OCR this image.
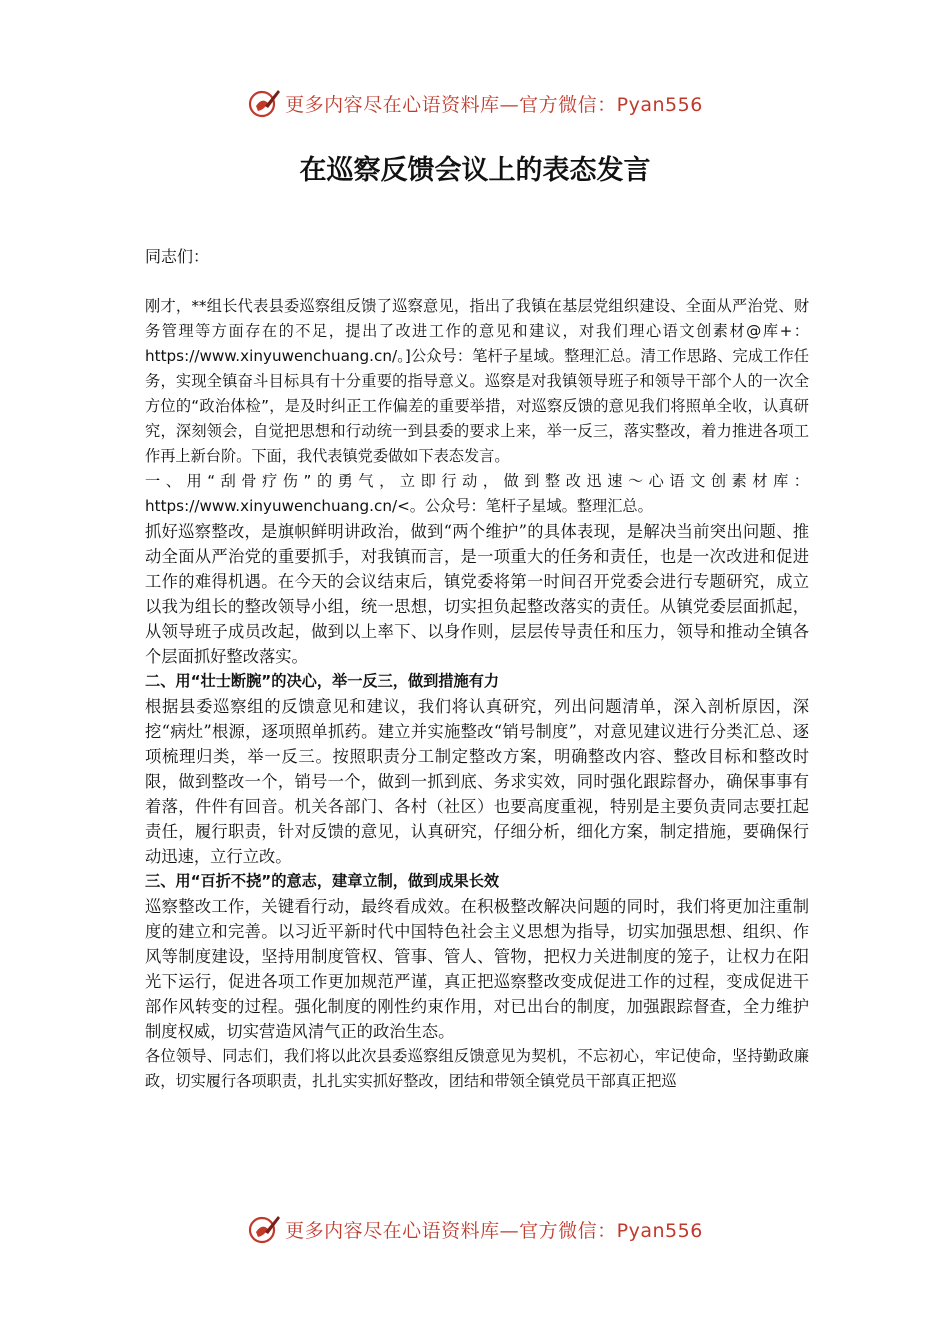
更多内容尽在心语资料库—官方微信：Pyan556
在巡察反馈会议上的表态发言
同志们：

刚才，**组长代表县委巡察组反馈了巡察意见，指出了我镇在基层党组织建设、全面从严治党、财务管理等方面存在的不足，提出了改进工作的意见和建议，对我们理心语文创素材@库+：https://www.xinyuwenchuang.cn/。]公众号：笔杆子星域。整理汇总。清工作思路、完成工作任务，实现全镇奋斗目标具有十分重要的指导意义。巡察是对我镇领导班子和领导干部个人的一次全方位的“政治体检”，是及时纠正工作偏差的重要举措，对巡察反馈的意见我们将照单全收，认真研究，深刻领会，自觉把思想和行动统一到县委的要求上来，举一反三，落实整改，着力推进各项工作再上新台阶。下面，我代表镇党委做如下表态发言。

一、用“刮骨疗伤”的勇气，立即行动，做到整改迅速～心语文创素材库：https://www.xinyuwenchuang.cn/<。公众号：笔杆子星域。整理汇总。

抓好巡察整改，是旗帜鲜明讲政治，做到“两个维护”的具体表现，是解决当前突出问题、推动全面从严治党的重要抓手，对我镇而言，是一项重大的任务和责任，也是一次改进和促进工作的难得机遇。在今天的会议结束后，镇党委将第一时间召开党委会进行专题研究，成立以我为组长的整改领导小组，统一思想，切实担负起整改落实的责任。从镇党委层面抓起，从领导班子成员改起，做到以上率下、以身作则，层层传导责任和压力，领导和推动全镇各个层面抓好整改落实。

二、用“壮士断腕”的决心，举一反三，做到措施有力

根据县委巡察组的反馈意见和建议，我们将认真研究，列出问题清单，深入剖析原因，深挖“病灶”根源，逐项照单抓药。建立并实施整改“销号制度”，对意见建议进行分类汇总、逐项梳理归类，举一反三。按照职责分工制定整改方案，明确整改内容、整改目标和整改时限，做到整改一个，销号一个，做到一抓到底、务求实效，同时强化跟踪督办，确保事事有着落，件件有回音。机关各部门、各村（社区）也要高度重视，特别是主要负责同志要扛起责任，履行职责，针对反馈的意见，认真研究，仔细分析，细化方案，制定措施，要确保行动迅速，立行立改。

三、用“百折不挠”的意志，建章立制，做到成果长效

巡察整改工作，关键看行动，最终看成效。在积极整改解决问题的同时，我们将更加注重制度的建立和完善。以习近平新时代中国特色社会主义思想为指导，切实加强思想、组织、作风等制度建设，坚持用制度管权、管事、管人、管物，把权力关进制度的笼子，让权力在阳光下运行，促进各项工作更加规范严谨，真正把巡察整改变成促进工作的过程，变成促进干部作风转变的过程。强化制度的刚性约束作用，对已出台的制度，加强跟踪督查，全力维护制度权威，切实营造风清气正的政治生态。

各位领导、同志们，我们将以此次县委巡察组反馈意见为契机，不忘初心，牢记使命，坚持勤政廉政，切实履行各项职责，扎扎实实抓好整改，团结和带领全镇党员干部真正把巡

更多内容尽在心语资料库—官方微信：Pyan556
